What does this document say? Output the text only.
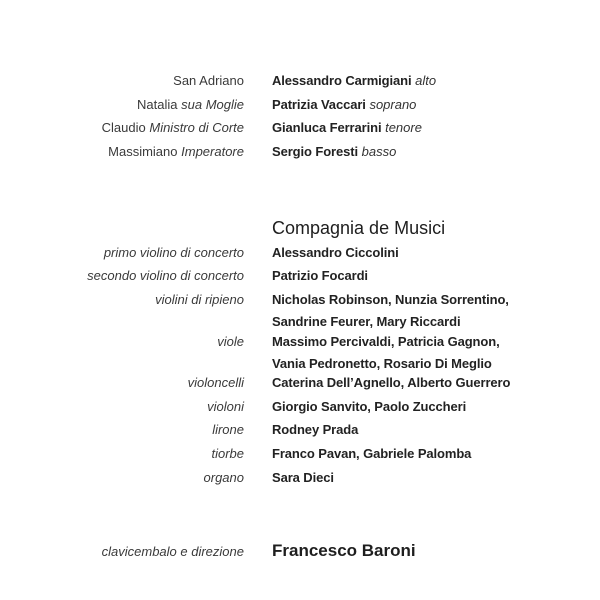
San Adriano Alessandro Carmigiani alto
Natalia sua Moglie Patrizia Vaccari soprano
Claudio Ministro di Corte Gianluca Ferrarini tenore
Massimiano Imperatore Sergio Foresti basso
Compagnia de Musici
primo violino di concerto Alessandro Ciccolini
secondo violino di concerto Patrizio Focardi
violini di ripieno Nicholas Robinson, Nunzia Sorrentino,
Sandrine Feurer, Mary Riccardi
viole Massimo Percivaldi, Patricia Gagnon,
Vania Pedronetto, Rosario Di Meglio
violoncelli Caterina Dell’Agnello, Alberto Guerrero
violoni Giorgio Sanvito, Paolo Zuccheri
lirone Rodney Prada
tiorbe Franco Pavan, Gabriele Palomba
organo Sara Dieci
clavicembalo e direzione Francesco Baroni
